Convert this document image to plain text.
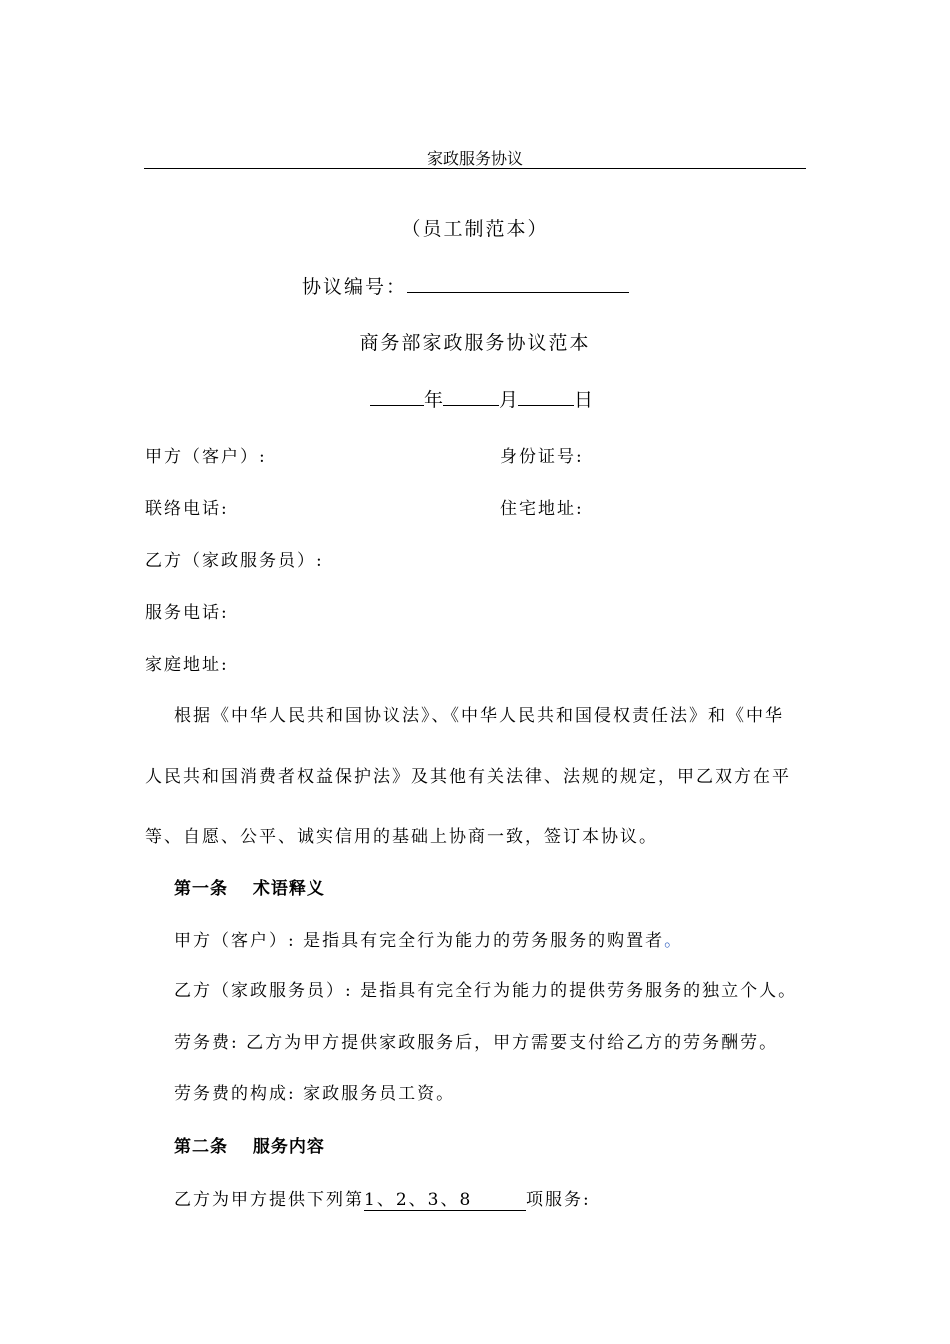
家政服务协议
（员工制范本）
协议编号：
商务部家政服务协议范本
年	月	日
甲方（客户）:	身份证号:
联络电话:	住宅地址:
乙方（家政服务员）:
服务电话:
家庭地址:
根据《中华人民共和国协议法》、《中华人民共和国侵权责任法》和《中华
人民共和国消费者权益保护法》及其他有关法律、法规的规定，甲乙双方在平
等、自愿、公平、诚实信用的基础上协商一致，签订本协议。
第一条　 术语释义
甲方（客户）: 是指具有完全行为能力的劳务服务的购置者。
乙方（家政服务员）: 是指具有完全行为能力的提供劳务服务的独立个人。
劳务费: 乙方为甲方提供家政服务后，甲方需要支付给乙方的劳务酬劳。
劳务费的构成: 家政服务员工资。
第二条　 服务内容
乙方为甲方提供下列第1、2、3、8	项服务:
